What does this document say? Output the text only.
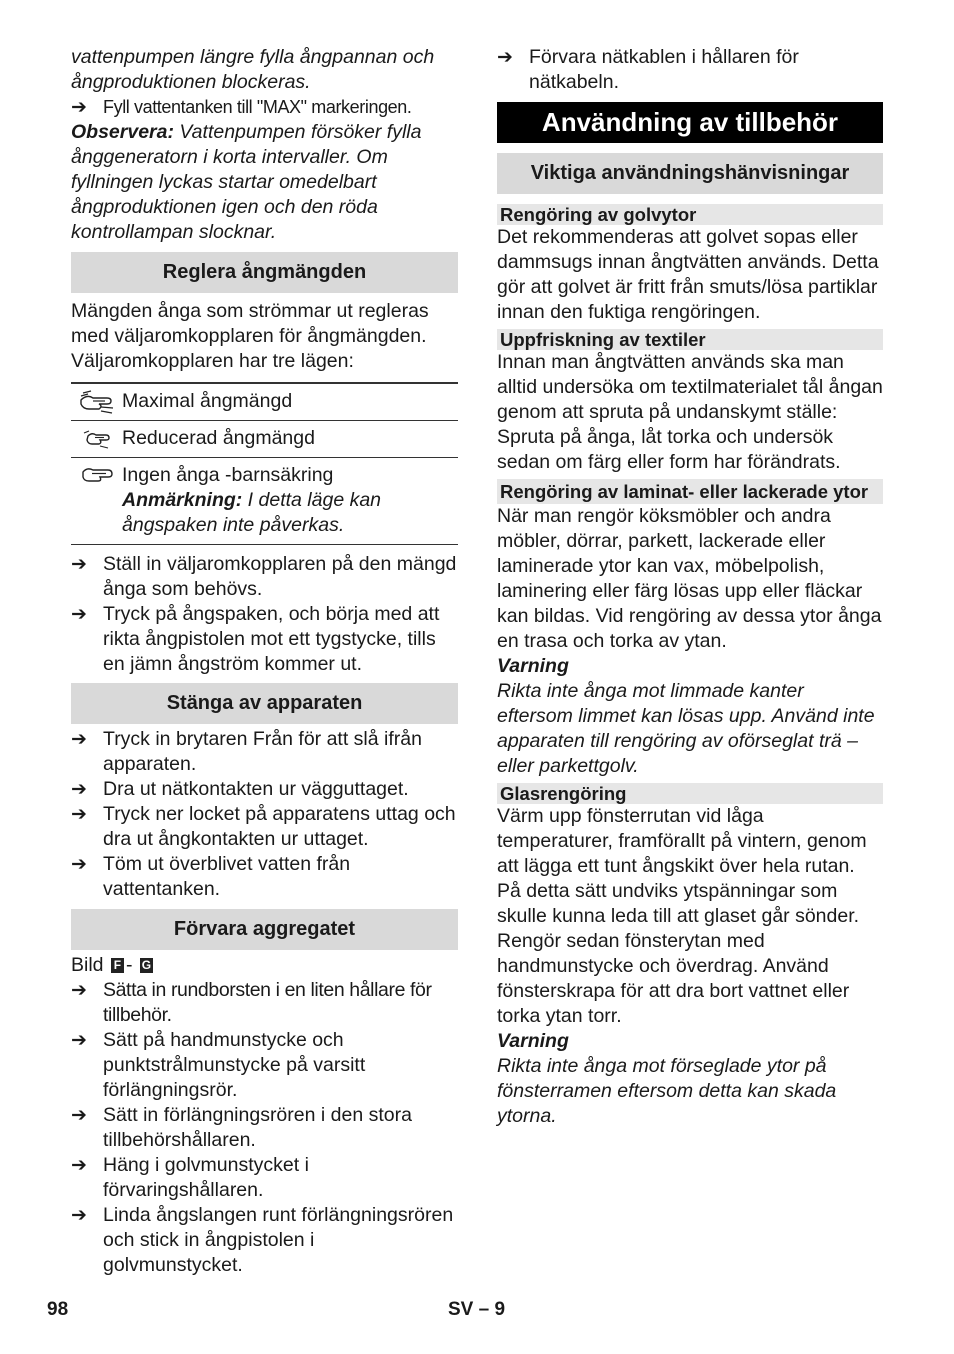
vattenpumpen längre fylla ångpannan och ångproduktionen blockeras.

➔ Fyll vattentanken till "MAX" markeringen.

Observera: Vattenpumpen försöker fylla ånggeneratorn i korta intervaller. Om fyllningen lyckas startar omedelbart ångproduktionen igen och den röda kontrollampan slocknar.

Reglera ångmängden

Mängden ånga som strömmar ut regleras med väljaromkopplaren för ångmängden. Väljaromkopplaren har tre lägen:

	Maximal ångmängd

	Reducerad ångmängd

Ingen ånga -barnsäkring
Anmärkning: I detta läge kan ångspaken inte påverkas.
➔ Ställ in väljaromkopplaren på den mängd ånga som behövs.
➔ Tryck på ångspaken, och börja med att rikta ångpistolen mot ett tygstycke, tills en jämn ångström kommer ut.
Stänga av apparaten
➔ Tryck in brytaren Från för att slå ifrån apparaten.
➔ Dra ut nätkontakten ur vägguttaget.
➔ Tryck ner locket på apparatens uttag och dra ut ångkontakten ur uttaget.
➔ Töm ut överblivet vatten från vattentanken.
Förvara aggregatet

Bild F - G

➔ Sätta in rundborsten i en liten hållare för tillbehör.
➔ Sätt på handmunstycke och punktstrålmunstycke på varsitt förlängningsrör.
➔ Sätt in förlängningsrören i den stora tillbehörshållaren.
➔ Häng i golvmunstycket i förvaringshållaren.
➔ Linda ångslangen runt förlängningsrören och stick in ångpistolen i golvmunstycket.
➔ Förvara nätkablen i hållaren för nätkabeln.
Användning av tillbehör
Viktiga användningshänvisningar
Rengöring av golvytor

Det rekommenderas att golvet sopas eller dammsugs innan ångtvätten används. Detta gör att golvet är fritt från smuts/lösa partiklar innan den fuktiga rengöringen.

Uppfriskning av textiler

Innan man ångtvätten används ska man alltid undersöka om textilmaterialet tål ångan genom att spruta på undanskymt ställe: Spruta på ånga, låt torka och undersök sedan om färg eller form har förändrats.

Rengöring av laminat- eller lackerade ytor

När man rengör köksmöbler och andra möbler, dörrar, parkett, lackerade eller laminerade ytor kan vax, möbelpolish, laminering eller färg lösas upp eller fläckar kan bildas. Vid rengöring av dessa ytor ånga en trasa och torka av ytan.

Varning

Rikta inte ånga mot limmade kanter eftersom limmet kan lösas upp. Använd inte apparaten till rengöring av oförseglat trä – eller parkettgolv.

Glasrengöring

Värm upp fönsterrutan vid låga temperaturer, framförallt på vintern, genom att lägga ett tunt ångskikt över hela rutan. På detta sätt undviks ytspänningar som skulle kunna leda till att glaset går sönder.

Rengör sedan fönsterytan med handmunstycke och överdrag. Använd fönsterskrapa för att dra bort vattnet eller torka ytan torr.

Varning

Rikta inte ånga mot förseglade ytor på fönsterramen eftersom detta kan skada ytorna.

98	SV – 9
